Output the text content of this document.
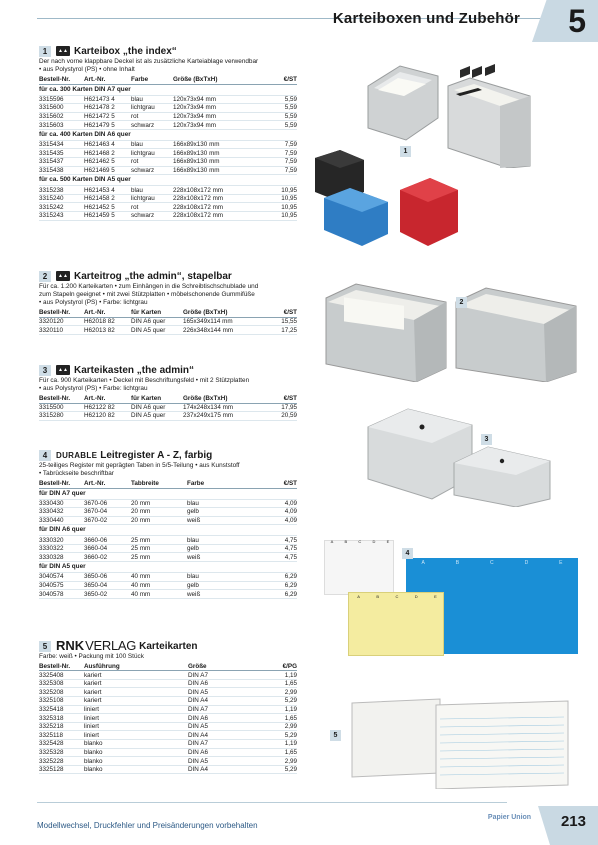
Karteiboxen und Zubehör 5
1	▲▲ Karteibox „the index“
Der nach vorne klappbare Deckel ist als zusätzliche Karteiablage verwendbar
• aus Polystyrol (PS) • ohne Inhalt
Bestell-Nr.	Art.-Nr.	Farbe	Größe (BxTxH)	€/ST
für ca. 300 Karten DIN A7 quer				
3315596	H621473 4	blau	120x73x94 mm	5,59
3315600	H621478 2	lichtgrau	120x73x94 mm	5,59
3315602	H621472 5	rot	120x73x94 mm	5,59
3315603	H621479 5	schwarz	120x73x94 mm	5,59
für ca. 400 Karten DIN A6 quer				
3315434	H621463 4	blau	166x89x130 mm	7,59
3315435	H621468 2	lichtgrau	166x89x130 mm	7,59
3315437	H621462 5	rot	166x89x130 mm	7,59
3315438	H621469 5	schwarz	166x89x130 mm	7,59
für ca. 500 Karten DIN A5 quer				
3315238	H621453 4	blau	228x108x172 mm	10,95
3315240	H621458 2	lichtgrau	228x108x172 mm	10,95
3315242	H621452 5	rot	228x108x172 mm	10,95
3315243	H621459 5	schwarz	228x108x172 mm	10,95
2	▲▲ Karteitrog „the admin“, stapelbar
Für ca. 1.200 Karteikarten • zum Einhängen in die Schreibtischschublade und
zum Stapeln geeignet • mit zwei Stützplatten • möbelschonende Gummifüße
• aus Polystyrol (PS) • Farbe: lichtgrau
Bestell-Nr.	Art.-Nr.	für Karten	Größe (BxTxH)	€/ST
3320120	H62018 82	DIN A6 quer	165x349x114 mm	15,55
3320110	H62013 82	DIN A5 quer	226x348x144 mm	17,25
3	▲▲ Karteikasten „the admin“
Für ca. 900 Karteikarten • Deckel mit Beschriftungsfeld • mit 2 Stützplatten
• aus Polystyrol (PS) • Farbe: lichtgrau
Bestell-Nr.	Art.-Nr.	für Karten	Größe (BxTxH)	€/ST
3315500	H62122 82	DIN A6 quer	174x248x134 mm	17,95
3315280	H62120 82	DIN A5 quer	237x249x175 mm	20,59
4	DURABLE Leitregister A - Z, farbig
25-teiliges Register mit geprägten Taben in 5/5-Teilung • aus Kunststoff
• Tabrückseite beschriftbar
Bestell-Nr.	Art.-Nr.	Tabbreite	Farbe	€/ST
für DIN A7 quer				
3330430	3670-06	20 mm	blau	4,09
3330432	3670-04	20 mm	gelb	4,09
3330440	3670-02	20 mm	weiß	4,09
für DIN A6 quer				
3330320	3660-06	25 mm	blau	4,75
3330322	3660-04	25 mm	gelb	4,75
3330328	3660-02	25 mm	weiß	4,75
für DIN A5 quer				
3040574	3650-06	40 mm	blau	6,29
3040575	3650-04	40 mm	gelb	6,29
3040578	3650-02	40 mm	weiß	6,29
5 RNK VERLAG Karteikarten
Farbe: weiß • Packung mit 100 Stück
Bestell-Nr.	Ausführung	Größe	€/PG
3325408	kariert	DIN A7	1,19
3325308	kariert	DIN A6	1,65
3325208	kariert	DIN A5	2,99
3325108	kariert	DIN A4	5,29
3325418	liniert	DIN A7	1,19
3325318	liniert	DIN A6	1,65
3325218	liniert	DIN A5	2,99
3325118	liniert	DIN A4	5,29
3325428	blanko	DIN A7	1,19
3325328	blanko	DIN A6	1,65
3325228	blanko	DIN A5	2,99
3325128	blanko	DIN A4	5,29
1
2
3
A	B	C	D	E
A	B	C	D	E
A	B	C	D	E
4
5
Modellwechsel, Druckfehler und Preisänderungen vorbehalten
Papier Union 213
